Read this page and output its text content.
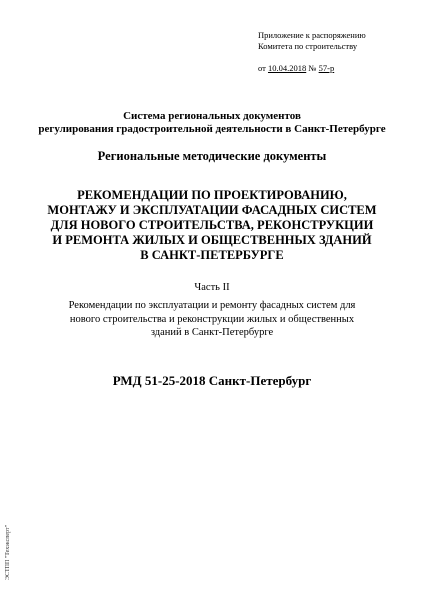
Приложение к распоряжению
Комитета по строительству
от 10.04.2018 № 57-р
Система региональных документов
регулирования градостроительной деятельности в Санкт-Петербурге
Региональные методические документы
РЕКОМЕНДАЦИИ ПО ПРОЕКТИРОВАНИЮ,
МОНТАЖУ И ЭКСПЛУАТАЦИИ ФАСАДНЫХ СИСТЕМ
ДЛЯ НОВОГО СТРОИТЕЛЬСТВА, РЕКОНСТРУКЦИИ
И РЕМОНТА ЖИЛЫХ И ОБЩЕСТВЕННЫХ ЗДАНИЙ
В САНКТ-ПЕТЕРБУРГЕ
Часть II
Рекомендации по эксплуатации и ремонту фасадных систем для
нового строительства и реконструкции жилых и общественных
зданий в Санкт-Петербурге
РМД 51-25-2018 Санкт-Петербург
ЭСТПП "Техэксперт"
